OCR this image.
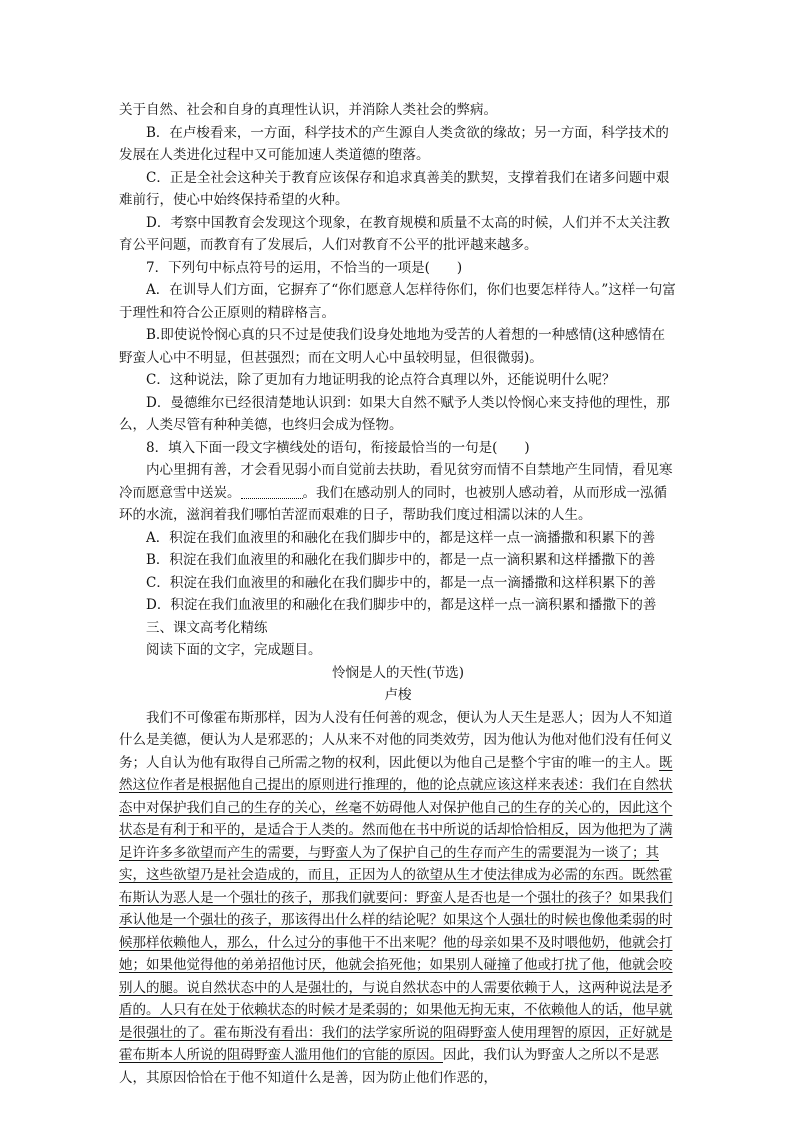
关于自然、社会和自身的真理性认识，并消除人类社会的弊病。

B．在卢梭看来，一方面，科学技术的产生源自人类贪欲的缘故；另一方面，科学技术的发展在人类进化过程中又可能加速人类道德的堕落。

C．正是全社会这种关于教育应该保存和追求真善美的默契，支撑着我们在诸多问题中艰难前行，使心中始终保持希望的火种。

D．考察中国教育会发现这个现象，在教育规模和质量不太高的时候，人们并不太关注教育公平问题，而教育有了发展后，人们对教育不公平的批评越来越多。

7．下列句中标点符号的运用，不恰当的一项是(　　)

A．在训导人们方面，它摒弃了“你们愿意人怎样待你们，你们也要怎样待人。”这样一句富于理性和符合公正原则的精辟格言。

B.即使说怜悯心真的只不过是使我们设身处地地为受苦的人着想的一种感情(这种感情在野蛮人心中不明显，但甚强烈；而在文明人心中虽较明显，但很微弱)。

C．这种说法，除了更加有力地证明我的论点符合真理以外，还能说明什么呢？

D．曼德维尔已经很清楚地认识到：如果大自然不赋予人类以怜悯心来支持他的理性，那么，人类尽管有种种美德，也终归会成为怪物。

8．填入下面一段文字横线处的语句，衔接最恰当的一句是(　　)

内心里拥有善，才会看见弱小而自觉前去扶助，看见贫穷而情不自禁地产生同情，看见寒冷而愿意雪中送炭。	。我们在感动别人的同时，也被别人感动着，从而形成一泓循环的水流，滋润着我们哪怕苦涩而艰难的日子，帮助我们度过相濡以沫的人生。

A．积淀在我们血液里的和融化在我们脚步中的，都是这样一点一滴播撒和积累下的善

B．积淀在我们血液里的和融化在我们脚步中的，都是一点一滴积累和这样播撒下的善

C．积淀在我们血液里的和融化在我们脚步中的，都是一点一滴播撒和这样积累下的善

D．积淀在我们血液里的和融化在我们脚步中的，都是这样一点一滴积累和播撒下的善

三、课文高考化精练

阅读下面的文字，完成题目。

怜悯是人的天性(节选)

卢梭

我们不可像霍布斯那样，因为人没有任何善的观念，便认为人天生是恶人；因为人不知道什么是美德，便认为人是邪恶的；人从来不对他的同类效劳，因为他认为他对他们没有任何义务；人自认为他有取得自己所需之物的权利，因此便以为他自己是整个宇宙的唯一的主人。既然这位作者是根据他自己提出的原则进行推理的，他的论点就应该这样来表述：我们在自然状态中对保护我们自己的生存的关心，丝毫不妨碍他人对保护他自己的生存的关心的，因此这个状态是有利于和平的，是适合于人类的。然而他在书中所说的话却恰恰相反，因为他把为了满足许许多多欲望而产生的需要，与野蛮人为了保护自己的生存而产生的需要混为一谈了；其实，这些欲望乃是社会造成的，而且，正因为人的欲望从生才使法律成为必需的东西。既然霍布斯认为恶人是一个强壮的孩子，那我们就要问：野蛮人是否也是一个强壮的孩子？如果我们承认他是一个强壮的孩子，那该得出什么样的结论呢？如果这个人强壮的时候也像他柔弱的时候那样依赖他人，那么，什么过分的事他干不出来呢？他的母亲如果不及时喂他奶，他就会打她；如果他觉得他的弟弟招他讨厌，他就会掐死他；如果别人碰撞了他或打扰了他，他就会咬别人的腿。说自然状态中的人是强壮的，与说自然状态中的人需要依赖于人，这两种说法是矛盾的。人只有在处于依赖状态的时候才是柔弱的；如果他无拘无束，不依赖他人的话，他早就是很强壮的了。霍布斯没有看出：我们的法学家所说的阻碍野蛮人使用理智的原因，正好就是霍布斯本人所说的阻碍野蛮人滥用他们的官能的原因。因此，我们认为野蛮人之所以不是恶人，其原因恰恰在于他不知道什么是善，因为防止他们作恶的，
